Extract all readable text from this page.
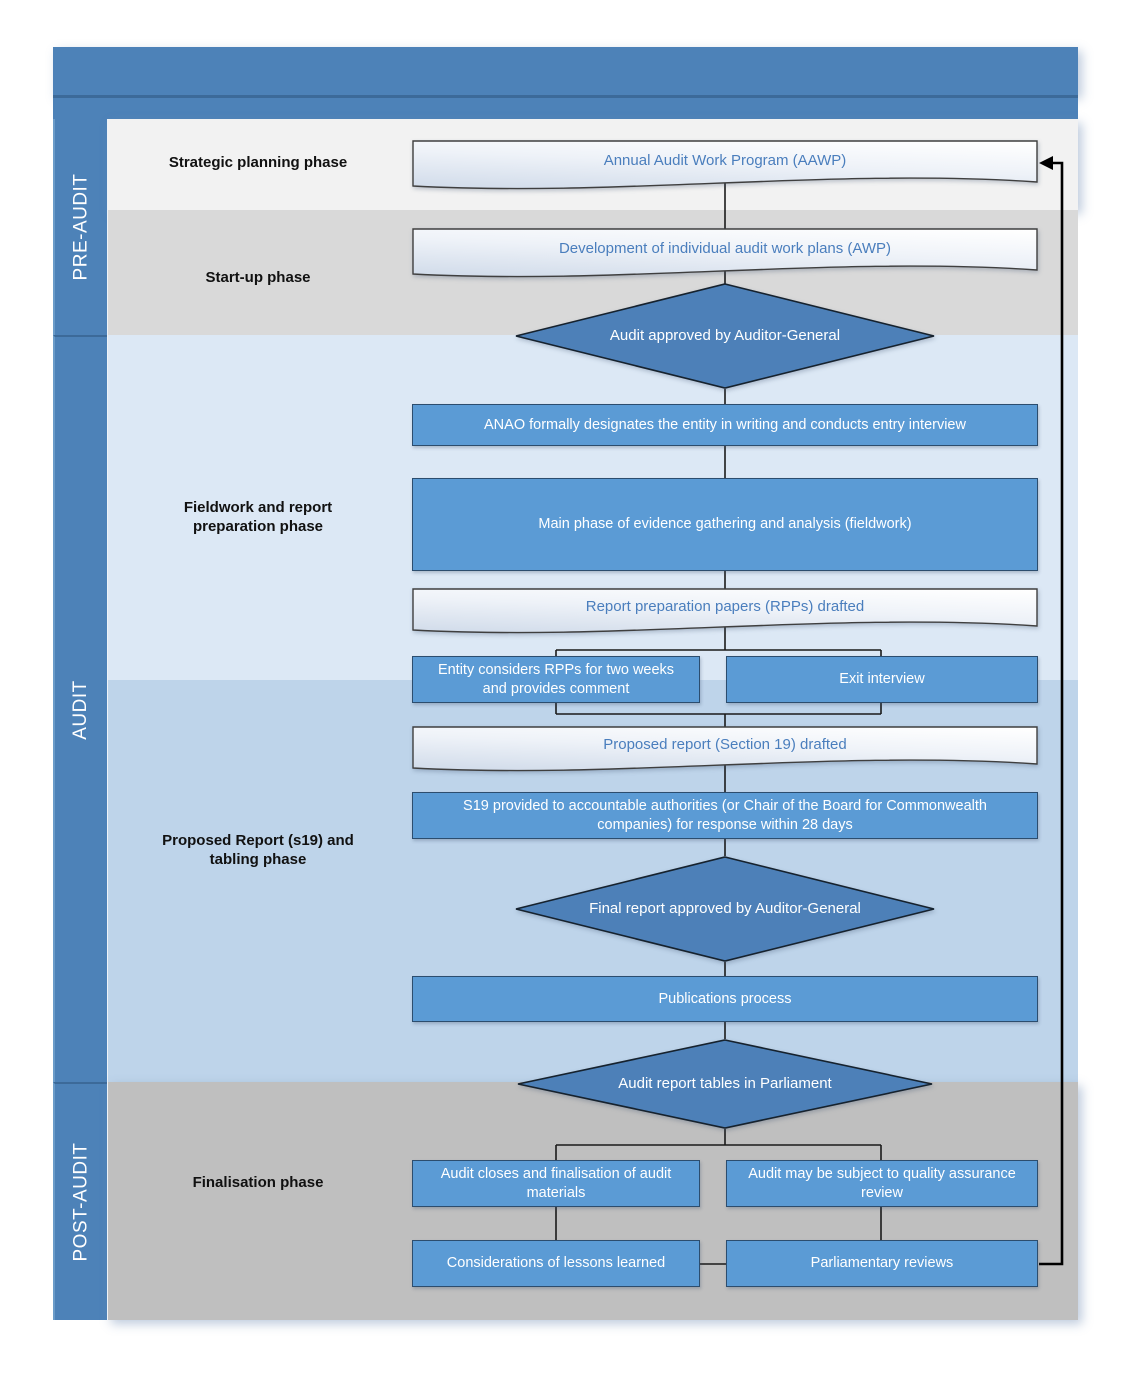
PRE-AUDIT
AUDIT
POST-AUDIT
Strategic planning phase
Start-up phase
Fieldwork and report preparation phase
Proposed Report (s19) and tabling phase
Finalisation phase
Annual Audit Work Program (AAWP)
Development of individual audit work plans (AWP)
Audit approved by Auditor-General
ANAO formally designates the entity in writing and conducts entry interview
Main phase of evidence gathering and analysis (fieldwork)
Report preparation papers (RPPs) drafted
Entity considers RPPs for two weeks and provides comment
Exit interview
Proposed report (Section 19) drafted
S19 provided to accountable authorities (or Chair of the Board for Commonwealth companies) for response within 28 days
Final report approved by Auditor-General
Publications process
Audit report tables in Parliament
Audit closes and finalisation of audit materials
Audit may be subject to quality assurance review
Considerations of lessons learned	Parliamentary reviews
